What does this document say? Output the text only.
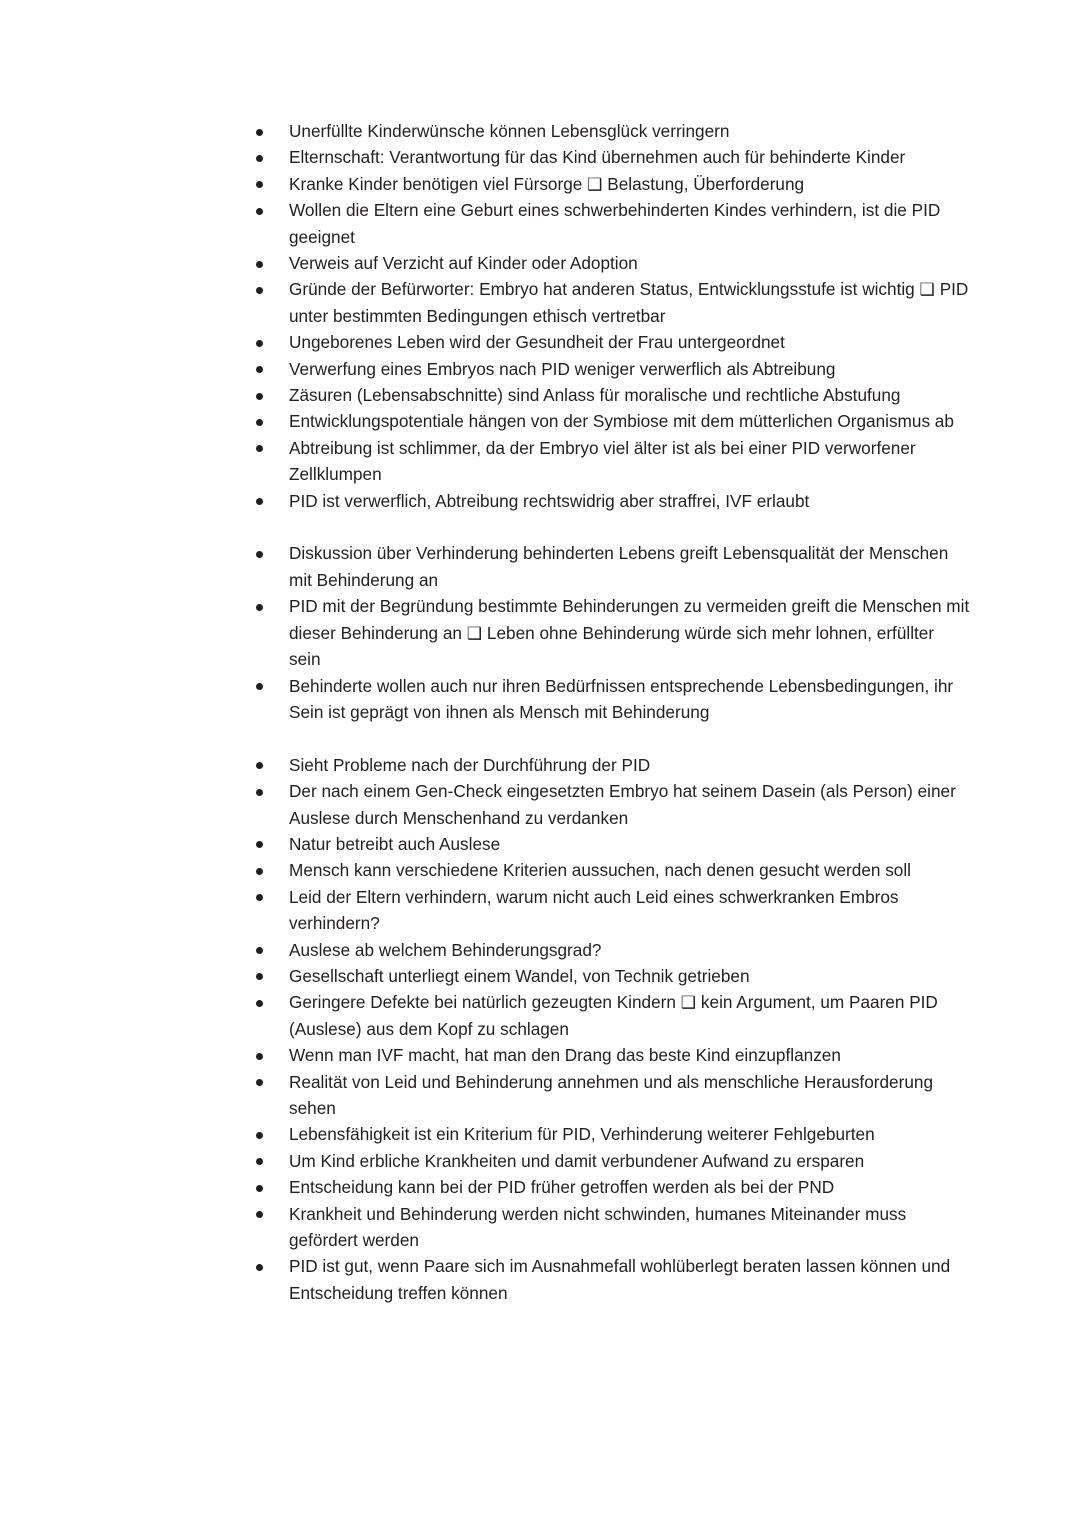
Unerfüllte Kinderwünsche können Lebensglück verringern
Elternschaft: Verantwortung für das Kind übernehmen auch für behinderte Kinder
Kranke Kinder benötigen viel Fürsorge ❑ Belastung, Überforderung
Wollen die Eltern eine Geburt eines schwerbehinderten Kindes verhindern, ist die PID geeignet
Verweis auf Verzicht auf Kinder oder Adoption
Gründe der Befürworter: Embryo hat anderen Status, Entwicklungsstufe ist wichtig ❑ PID unter bestimmten Bedingungen ethisch vertretbar
Ungeborenes Leben wird der Gesundheit der Frau untergeordnet
Verwerfung eines Embryos nach PID weniger verwerflich als Abtreibung
Zäsuren (Lebensabschnitte) sind Anlass für moralische und rechtliche Abstufung
Entwicklungspotentiale hängen von der Symbiose mit dem mütterlichen Organismus ab
Abtreibung ist schlimmer, da der Embryo viel älter ist als bei einer PID verworfener Zellklumpen
PID ist verwerflich, Abtreibung rechtswidrig aber straffrei, IVF erlaubt
Diskussion über Verhinderung behinderten Lebens greift Lebensqualität der Menschen mit Behinderung an
PID mit der Begründung bestimmte Behinderungen zu vermeiden greift die Menschen mit dieser Behinderung an ❑ Leben ohne Behinderung würde sich mehr lohnen, erfüllter sein
Behinderte wollen auch nur ihren Bedürfnissen entsprechende Lebensbedingungen, ihr Sein ist geprägt von ihnen als Mensch mit Behinderung
Sieht Probleme nach der Durchführung der PID
Der nach einem Gen-Check eingesetzten Embryo hat seinem Dasein (als Person) einer Auslese durch Menschenhand zu verdanken
Natur betreibt auch Auslese
Mensch kann verschiedene Kriterien aussuchen, nach denen gesucht werden soll
Leid der Eltern verhindern, warum nicht auch Leid eines schwerkranken Embros verhindern?
Auslese ab welchem Behinderungsgrad?
Gesellschaft unterliegt einem Wandel, von Technik getrieben
Geringere Defekte bei natürlich gezeugten Kindern ❑ kein Argument, um Paaren PID (Auslese) aus dem Kopf zu schlagen
Wenn man IVF macht, hat man den Drang das beste Kind einzupflanzen
Realität von Leid und Behinderung annehmen und als menschliche Herausforderung sehen
Lebensfähigkeit ist ein Kriterium für PID, Verhinderung weiterer Fehlgeburten
Um Kind erbliche Krankheiten und damit verbundener Aufwand zu ersparen
Entscheidung kann bei der PID früher getroffen werden als bei der PND
Krankheit und Behinderung werden nicht schwinden, humanes Miteinander muss gefördert werden
PID ist gut, wenn Paare sich im Ausnahmefall wohlüberlegt beraten lassen können und Entscheidung treffen können
